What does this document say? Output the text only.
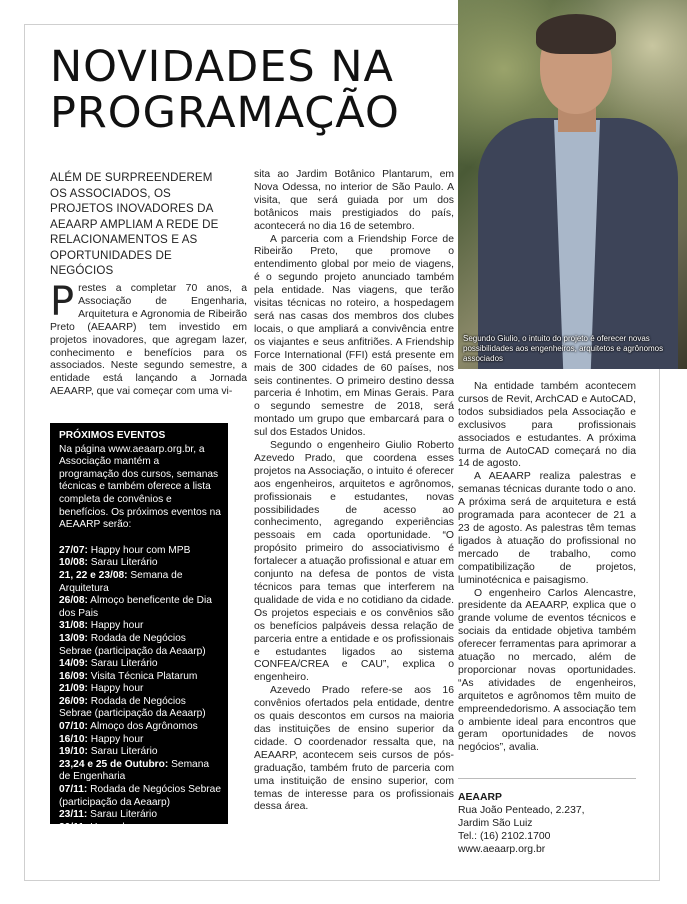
NOVIDADES NA PROGRAMAÇÃO
Segundo Giulio, o intuito do projeto é oferecer novas possibilidades aos engenheiros, arquitetos e agrônomos associados

ALÉM DE SURPREENDEREM OS ASSOCIADOS, OS PROJETOS INOVADORES DA AEAARP AMPLIAM A REDE DE RELACIONAMENTOS E AS OPORTUNIDADES DE NEGÓCIOS

Prestes a completar 70 anos, a Associação de Engenharia, Arquitetura e Agronomia de Ribeirão Preto (AEAARP) tem investido em projetos inovadores, que agregam lazer, conhecimento e benefícios para os associados. Neste segundo semestre, a entidade está lançando a Jornada AEAARP, que vai começar com uma vi-

PRÓXIMOS EVENTOS
Na página www.aeaarp.org.br, a Associação mantém a programação dos cursos, semanas técnicas e também oferece a lista completa de convênios e benefícios. Os próximos eventos na AEAARP serão:
27/07: Happy hour com MPB
10/08: Sarau Literário
21, 22 e 23/08: Semana de Arquitetura
26/08: Almoço beneficente de Dia dos Pais
31/08: Happy hour
13/09: Rodada de Negócios Sebrae (participação da Aeaarp)
14/09: Sarau Literário
16/09: Visita Técnica Platarum
21/09: Happy hour
26/09: Rodada de Negócios Sebrae (participação da Aeaarp)
07/10: Almoço dos Agrônomos
16/10: Happy hour
19/10: Sarau Literário
23,24 e 25 de Outubro: Semana de Engenharia
07/11: Rodada de Negócios Sebrae (participação da Aeaarp)
23/11: Sarau Literário
30/11: Happy hour
08/12: Festa Profissionais do Ano

sita ao Jardim Botânico Plantarum, em Nova Odessa, no interior de São Paulo. A visita, que será guiada por um dos botânicos mais prestigiados do país, acontecerá no dia 16 de setembro.

A parceria com a Friendship Force de Ribeirão Preto, que promove o entendimento global por meio de viagens, é o segundo projeto anunciado também pela entidade. Nas viagens, que terão visitas técnicas no roteiro, a hospedagem será nas casas dos membros dos clubes locais, o que ampliará a convivência entre os viajantes e seus anfitriões. A Friendship Force International (FFI) está presente em mais de 300 cidades de 60 países, nos seis continentes. O primeiro destino dessa parceria é Inhotim, em Minas Gerais. Para o segundo semestre de 2018, será montado um grupo que embarcará para o sul dos Estados Unidos.

Segundo o engenheiro Giulio Roberto Azevedo Prado, que coordena esses projetos na Associação, o intuito é oferecer aos engenheiros, arquitetos e agrônomos, profissionais e estudantes, novas possibilidades de acesso ao conhecimento, agregando experiências pessoais em cada oportunidade. “O propósito primeiro do associativismo é fortalecer a atuação profissional e atuar em conjunto na defesa de pontos de vista técnicos para temas que interferem na qualidade de vida e no cotidiano da cidade. Os projetos especiais e os convênios são os benefícios palpáveis dessa relação de parceria entre a entidade e os profissionais e estudantes ligados ao sistema CONFEA/CREA e CAU”, explica o engenheiro.

Azevedo Prado refere-se aos 16 convênios ofertados pela entidade, dentre os quais descontos em cursos na maioria das instituições de ensino superior da cidade. O coordenador ressalta que, na AEAARP, acontecem seis cursos de pós-graduação, também fruto de parceria com uma instituição de ensino superior, com temas de interesse para os profissionais dessa área.

Na entidade também acontecem cursos de Revit, ArchCAD e AutoCAD, todos subsidiados pela Associação e exclusivos para profissionais associados e estudantes. A próxima turma de AutoCAD começará no dia 14 de agosto.

A AEAARP realiza palestras e semanas técnicas durante todo o ano. A próxima será de arquitetura e está programada para acontecer de 21 a 23 de agosto. As palestras têm temas ligados à atuação do profissional no mercado de trabalho, como compatibilização de projetos, luminotécnica e paisagismo.

O engenheiro Carlos Alencastre, presidente da AEAARP, explica que o grande volume de eventos técnicos e sociais da entidade objetiva também oferecer ferramentas para aprimorar a atuação no mercado, além de proporcionar novas oportunidades. “As atividades de engenheiros, arquitetos e agrônomos têm muito de empreendedorismo. A associação tem o ambiente ideal para encontros que geram oportunidades de novos negócios”, avalia.

AEAARP
Rua João Penteado, 2.237,
Jardim São Luiz
Tel.: (16) 2102.1700
www.aeaarp.org.br
